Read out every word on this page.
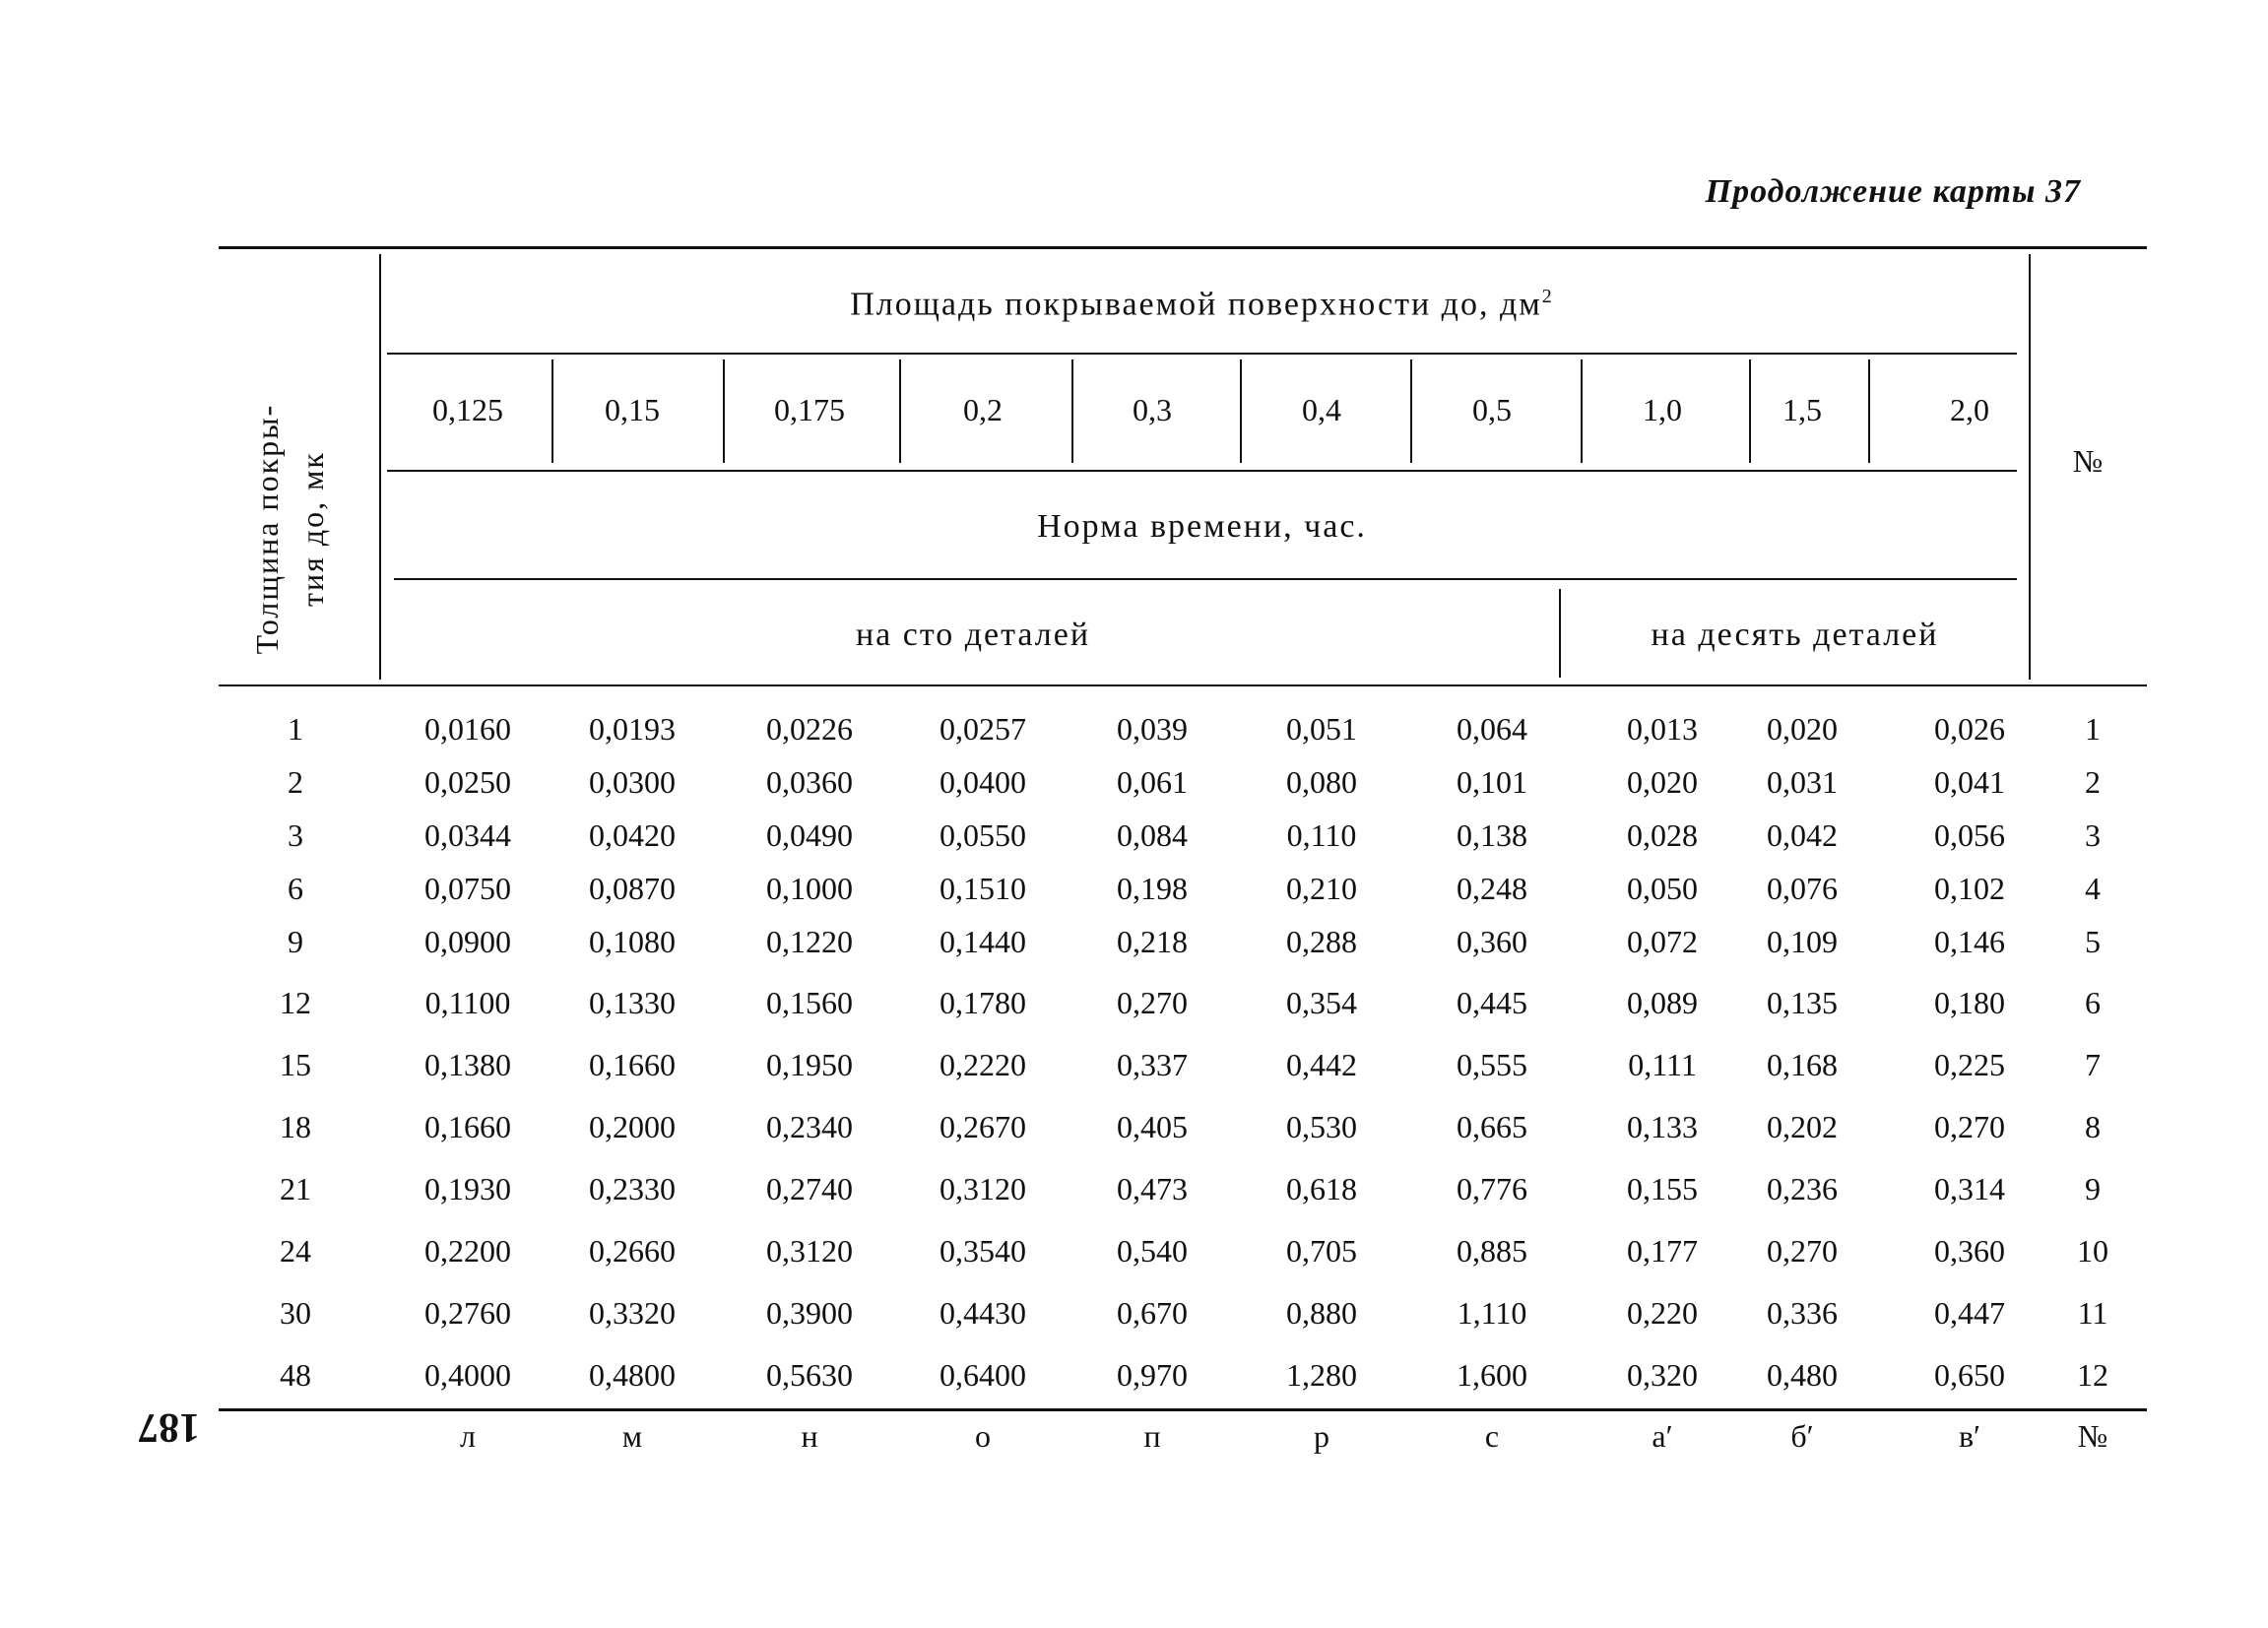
Продолжение карты 37
Толщина покры-тия до, мк
Площадь покрываемой поверхности до, $дм^2$
0,125	0,15	0,175	0,2	0,3	0,4	0,5	1,0	1,5	2,0
№
Норма времени, час.
на сто деталей	на десять деталей
1	0,0160	0,0193	0,0226	0,0257	0,039	0,051	0,064	0,013	0,020	0,026	1
2	0,0250	0,0300	0,0360	0,0400	0,061	0,080	0,101	0,020	0,031	0,041	2
3	0,0344	0,0420	0,0490	0,0550	0,084	0,110	0,138	0,028	0,042	0,056	3
6	0,0750	0,0870	0,1000	0,1510	0,198	0,210	0,248	0,050	0,076	0,102	4
9	0,0900	0,1080	0,1220	0,1440	0,218	0,288	0,360	0,072	0,109	0,146	5
12	0,1100	0,1330	0,1560	0,1780	0,270	0,354	0,445	0,089	0,135	0,180	6
15	0,1380	0,1660	0,1950	0,2220	0,337	0,442	0,555	0,111	0,168	0,225	7
18	0,1660	0,2000	0,2340	0,2670	0,405	0,530	0,665	0,133	0,202	0,270	8
21	0,1930	0,2330	0,2740	0,3120	0,473	0,618	0,776	0,155	0,236	0,314	9
24	0,2200	0,2660	0,3120	0,3540	0,540	0,705	0,885	0,177	0,270	0,360	10
30	0,2760	0,3320	0,3900	0,4430	0,670	0,880	1,110	0,220	0,336	0,447	11
48	0,4000	0,4800	0,5630	0,6400	0,970	1,280	1,600	0,320	0,480	0,650	12
л	м	н	о	п	р	с	а′	б′	в′	№
187
